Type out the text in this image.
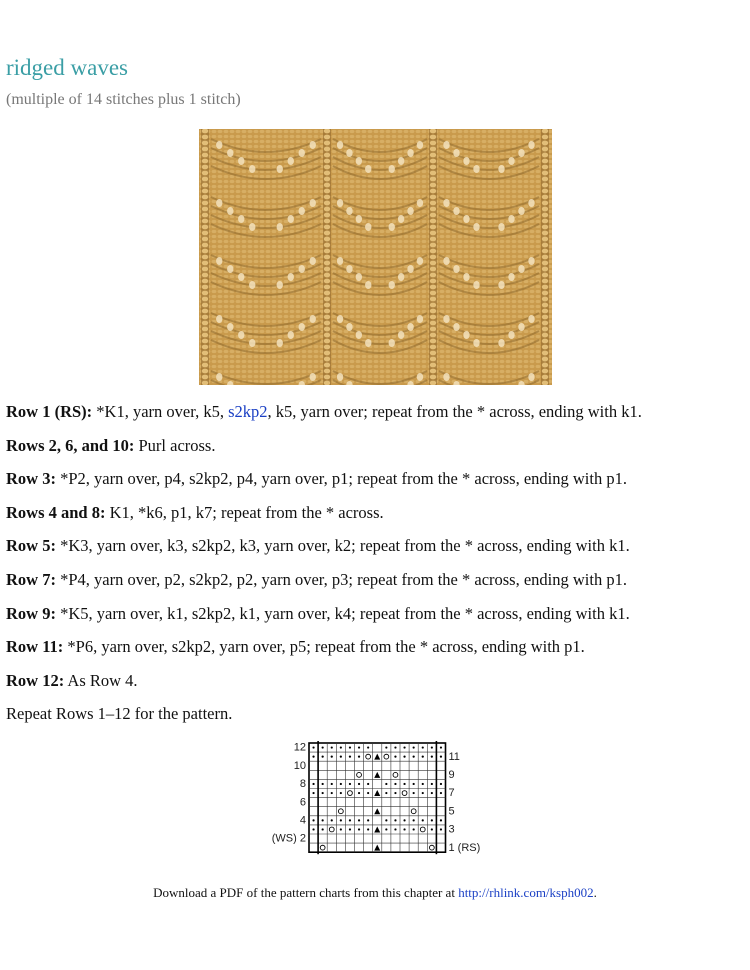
ridged waves
(multiple of 14 stitches plus 1 stitch)
Row 1 (RS): *K1, yarn over, k5, s2kp2, k5, yarn over; repeat from the * across, ending with k1.
Rows 2, 6, and 10: Purl across.
Row 3: *P2, yarn over, p4, s2kp2, p4, yarn over, p1; repeat from the * across, ending with p1.
Rows 4 and 8: K1, *k6, p1, k7; repeat from the * across.
Row 5: *K3, yarn over, k3, s2kp2, k3, yarn over, k2; repeat from the * across, ending with k1.
Row 7: *P4, yarn over, p2, s2kp2, p2, yarn over, p3; repeat from the * across, ending with p1.
Row 9: *K5, yarn over, k1, s2kp2, k1, yarn over, k4; repeat from the * across, ending with k1.
Row 11: *P6, yarn over, s2kp2, yarn over, p5; repeat from the * across, ending with p1.
Row 12: As Row 4.
Repeat Rows 1–12 for the pattern.
12
10
8
6
4
(WS) 2
11
9
7
5
3
1 (RS)
Download a PDF of the pattern charts from this chapter at http://rhlink.com/ksph002.
